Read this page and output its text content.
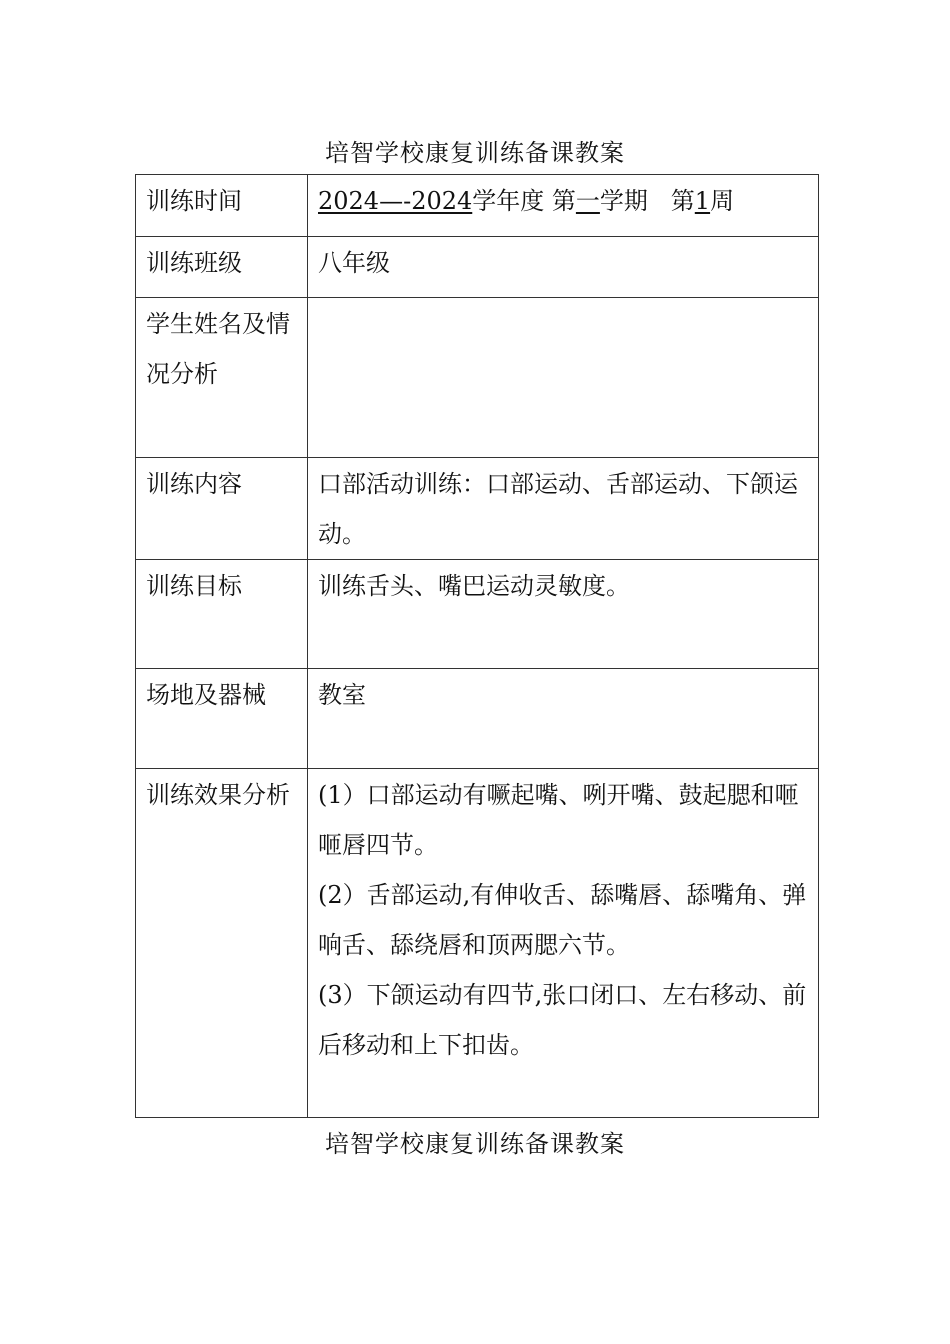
培智学校康复训练备课教案
训练时间	2024—-2024学年度 第一学期   第1周
训练班级	八年级
学生姓名及情况分析	
训练内容	口部活动训练：口部运动、舌部运动、下颌运动。
训练目标	训练舌头、嘴巴运动灵敏度。
场地及器械	教室
训练效果分析	(1）口部运动有噘起嘴、咧开嘴、鼓起腮和咂咂唇四节。
(2）舌部运动,有伸收舌、舔嘴唇、舔嘴角、弹响舌、舔绕唇和顶两腮六节。
(3）下颌运动有四节,张口闭口、左右移动、前后移动和上下扣齿。
培智学校康复训练备课教案
